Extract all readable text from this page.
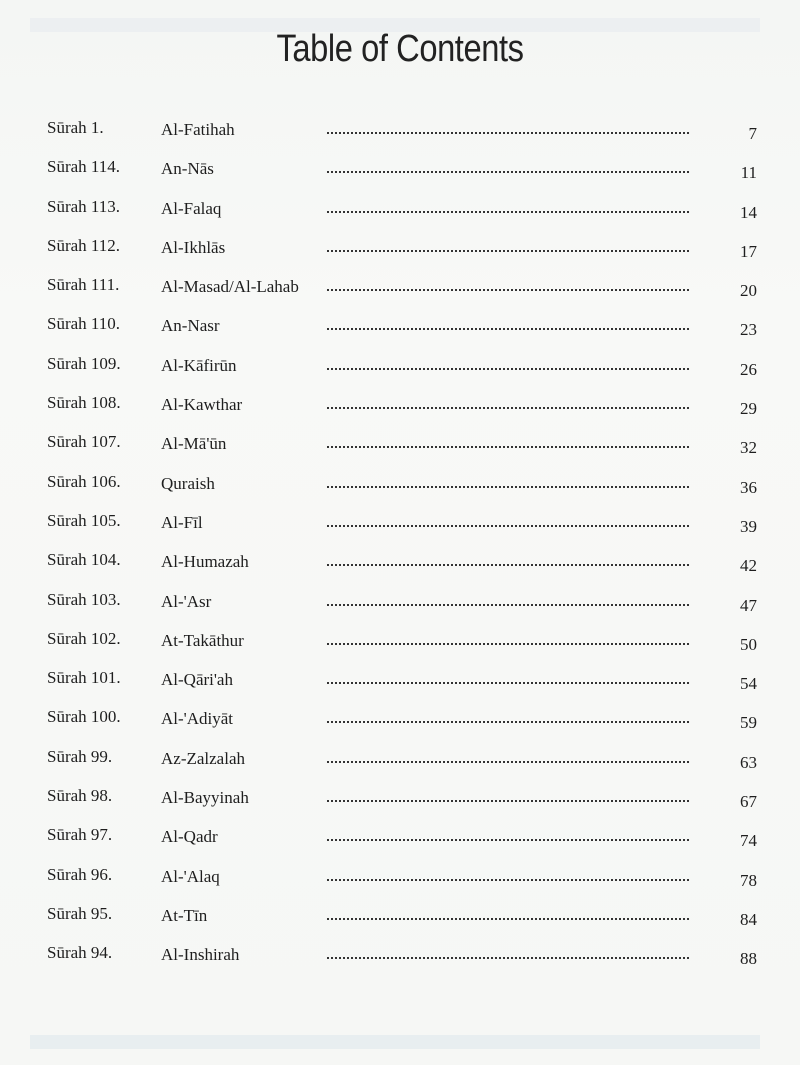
Table of Contents
Sūrah 1.	Al-Fatihah	7
Sūrah 114. An-Nās	11
Sūrah 113. Al-Falaq	14
Sūrah 112. Al-Ikhlās	17
Sūrah 111. Al-Masad/Al-Lahab	20
Sūrah 110. An-Nasr	23
Sūrah 109. Al-Kāfirūn	26
Sūrah 108. Al-Kawthar	29
Sūrah 107. Al-Mā'ūn	32
Sūrah 106. Quraish	36
Sūrah 105. Al-Fīl	39
Sūrah 104. Al-Humazah	42
Sūrah 103. Al-'Asr	47
Sūrah 102. At-Takāthur	50
Sūrah 101. Al-Qāri'ah	54
Sūrah 100. Al-'Adiyāt	59
Sūrah 99.	Az-Zalzalah	63
Sūrah 98.	Al-Bayyinah	67
Sūrah 97.	Al-Qadr	74
Sūrah 96.	Al-'Alaq	78
Sūrah 95.	At-Tīn	84
Sūrah 94.	Al-Inshirah	88
